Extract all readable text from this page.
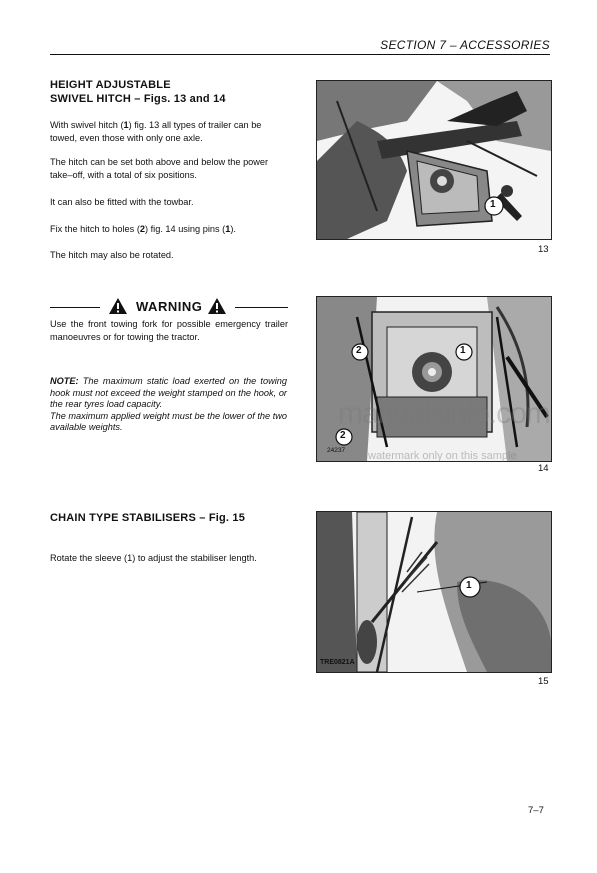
SECTION 7 – ACCESSORIES
HEIGHT ADJUSTABLE
SWIVEL HITCH – Figs. 13 and 14
With swivel hitch (1) fig. 13 all types of trailer can be towed, even those with only one axle.
The hitch can be set both above and below the power take–off, with a total of six positions.
It can also be fitted with the towbar.
Fix the hitch to holes (2) fig. 14 using pins (1).
The hitch may also be rotated.
WARNING
Use the front towing fork for possible emergency trailer manoeuvres or for towing the tractor.
NOTE: The maximum static load exerted on the towing hook must not exceed the weight stamped on the hook, or the rear tyres load capacity.
The maximum applied weight must be the lower of the two available weights.
CHAIN TYPE STABILISERS – Fig. 15
Rotate the sleeve (1) to adjust the stabiliser length.
1
13
2	1
2
24237
14
manualsinfo.com
watermark only on this sample
1
TRE0821A
15
7–7
